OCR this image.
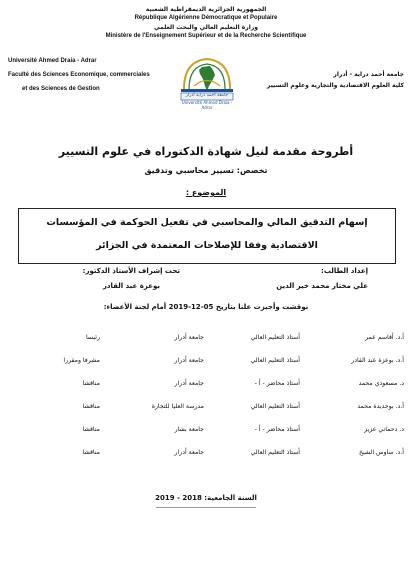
الجمهورية الجزائرية الديمقراطية الشعبية
République Algérienne Démocratique et Populaire
وزارة التعليم العالي والبحث العلمي
Ministère de l'Enseignement Supérieur et de la Recherche Scientifique
Université Ahmed Draia - Adrar
Faculté des Sciences Economique, commerciales
et des Sciences de Gestion
جامعة أحمد دراية - أدرار
كلية العلوم الاقتصادية والتجارية وعلوم التسيير
جامعة أحمد دراية أدرار
Université Ahmed Draia - Adrar
أطروحة مقدمة لنيل شهادة الدكتوراه في علوم التسيير
تخصص: تسيير محاسبي وتدقيق
الموضوع :
إسهام التدقيق المالي والمحاسبي في تفعيل الحوكمة في المؤسسات
الاقتصادية وفقا للإصلاحات المعتمدة في الجزائر
إعداد الطالب:
علي مختار محمد خير الدين
تحت إشراف الأستاذ الدكتور:
بوعزة عبد القادر
نوقشت وأجيزت علنا بتاريخ 05-12-2019 أمام لجنة الأعضاء:
أ.د. أقاسم عمر
أستاذ التعليم العالي
جامعة أدرار
رئيسا
أ.د. بوعزة عبد القادر
أستاذ التعليم العالي
جامعة أدرار
مشرفا ومقررا
د. مسعودي محمد
أستاذ محاضر - أ -
جامعة أدرار
مناقشا
أ.د. بوحديدة محمد
أستاذ التعليم العالي
مدرسة العليا للتجارة
مناقشا
د. دحماني عزيز
أستاذ محاضر - أ -
جامعة بشار
مناقشا
أ.د. ساوس الشيخ
أستاذ التعليم العالي
جامعة أدرار
مناقشا
السنة الجامعية: 2018 - 2019
